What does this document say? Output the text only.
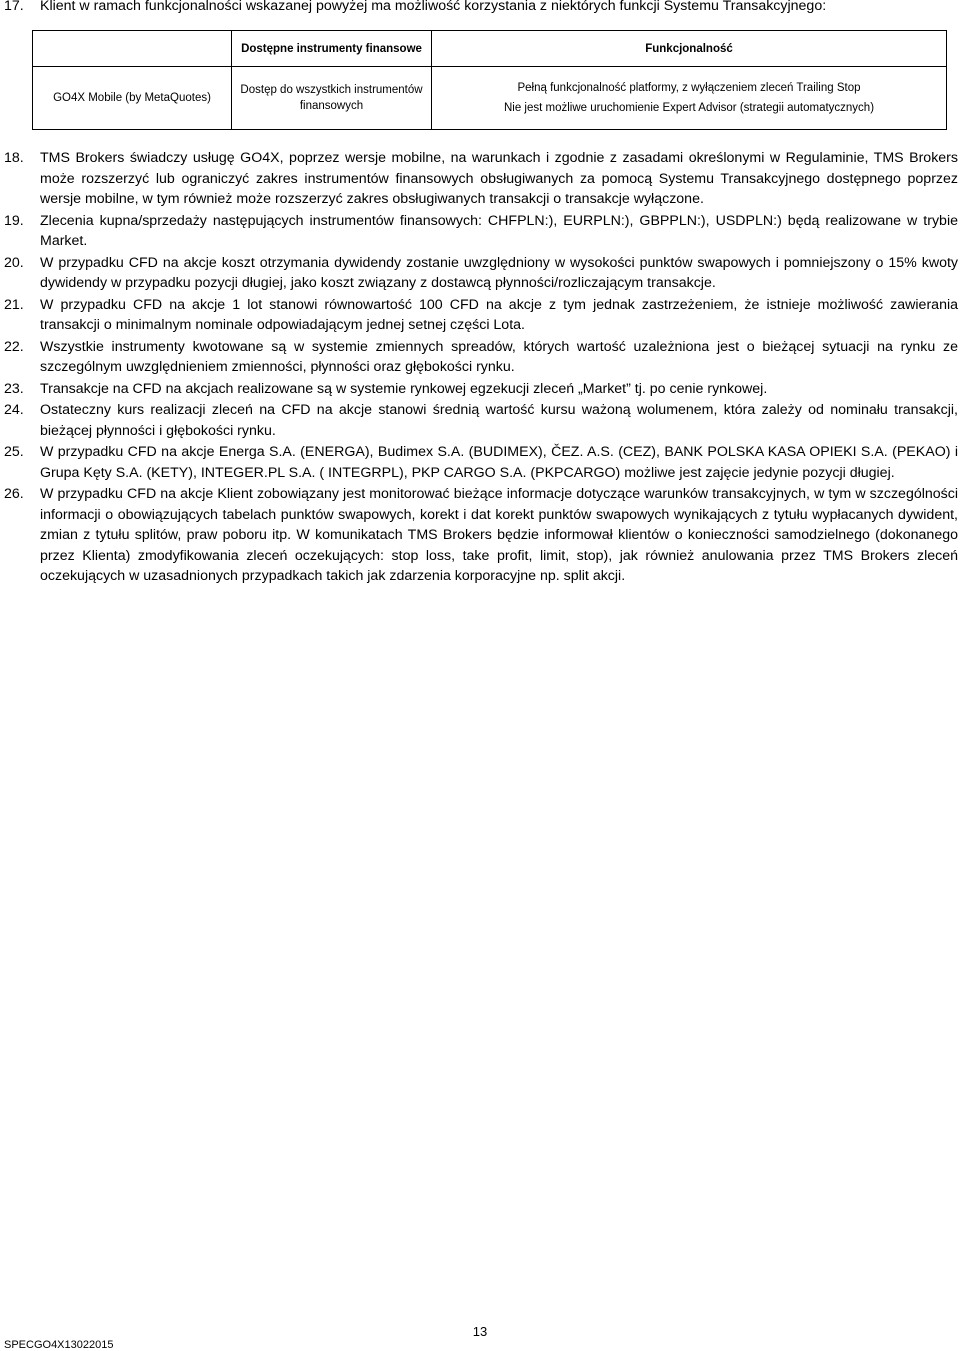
17. Klient w ramach funkcjonalności wskazanej powyżej ma możliwość korzystania z niektórych funkcji Systemu Transakcyjnego:
	Dostępne instrumenty finansowe	Funkcjonalność
GO4X Mobile (by MetaQuotes)	Dostęp do wszystkich instrumentów finansowych	Pełną funkcjonalność platformy, z wyłączeniem zleceń Trailing Stop
Nie jest możliwe uruchomienie Expert Advisor (strategii automatycznych)
18. TMS Brokers świadczy usługę GO4X, poprzez wersje mobilne, na warunkach i zgodnie z zasadami określonymi w Regulaminie, TMS Brokers może rozszerzyć lub ograniczyć zakres instrumentów finansowych obsługiwanych za pomocą Systemu Transakcyjnego dostępnego poprzez wersje mobilne, w tym również może rozszerzyć zakres obsługiwanych transakcji o transakcje wyłączone.
19. Zlecenia kupna/sprzedaży następujących instrumentów finansowych: CHFPLN:), EURPLN:), GBPPLN:), USDPLN:) będą realizowane w trybie Market.
20. W przypadku CFD na akcje koszt otrzymania dywidendy zostanie uwzględniony w wysokości punktów swapowych i pomniejszony o 15% kwoty dywidendy w przypadku pozycji długiej, jako koszt związany z dostawcą płynności/rozliczającym transakcje.
21. W przypadku CFD na akcje 1 lot stanowi równowartość 100 CFD na akcje z tym jednak zastrzeżeniem, że istnieje możliwość zawierania transakcji o minimalnym nominale odpowiadającym jednej setnej części Lota.
22. Wszystkie instrumenty kwotowane są w systemie zmiennych spreadów, których wartość uzależniona jest o bieżącej sytuacji na rynku ze szczególnym uwzględnieniem zmienności, płynności oraz głębokości rynku.
23. Transakcje na CFD na akcjach realizowane są w systemie rynkowej egzekucji zleceń „Market” tj. po cenie rynkowej.
24. Ostateczny kurs realizacji zleceń na CFD na akcje stanowi średnią wartość kursu ważoną wolumenem, która zależy od nominału transakcji, bieżącej płynności i głębokości rynku.
25. W przypadku CFD na akcje Energa S.A. (ENERGA), Budimex S.A. (BUDIMEX), ČEZ. A.S. (CEZ), BANK POLSKA KASA OPIEKI S.A. (PEKAO) i Grupa Kęty S.A. (KETY), INTEGER.PL S.A. ( INTEGRPL), PKP CARGO S.A. (PKPCARGO) możliwe jest zajęcie jedynie pozycji długiej.
26. W przypadku CFD na akcje Klient zobowiązany jest monitorować bieżące informacje dotyczące warunków transakcyjnych, w tym w szczególności informacji o obowiązujących tabelach punktów swapowych, korekt i dat korekt punktów swapowych wynikających z tytułu wypłacanych dywident, zmian z tytułu splitów, praw poboru itp. W komunikatach TMS Brokers będzie informował klientów o konieczności samodzielnego (dokonanego przez Klienta) zmodyfikowania zleceń oczekujących: stop loss, take profit, limit, stop), jak również anulowania przez TMS Brokers zleceń oczekujących w uzasadnionych przypadkach takich jak zdarzenia korporacyjne np. split akcji.
13
SPECGO4X13022015
